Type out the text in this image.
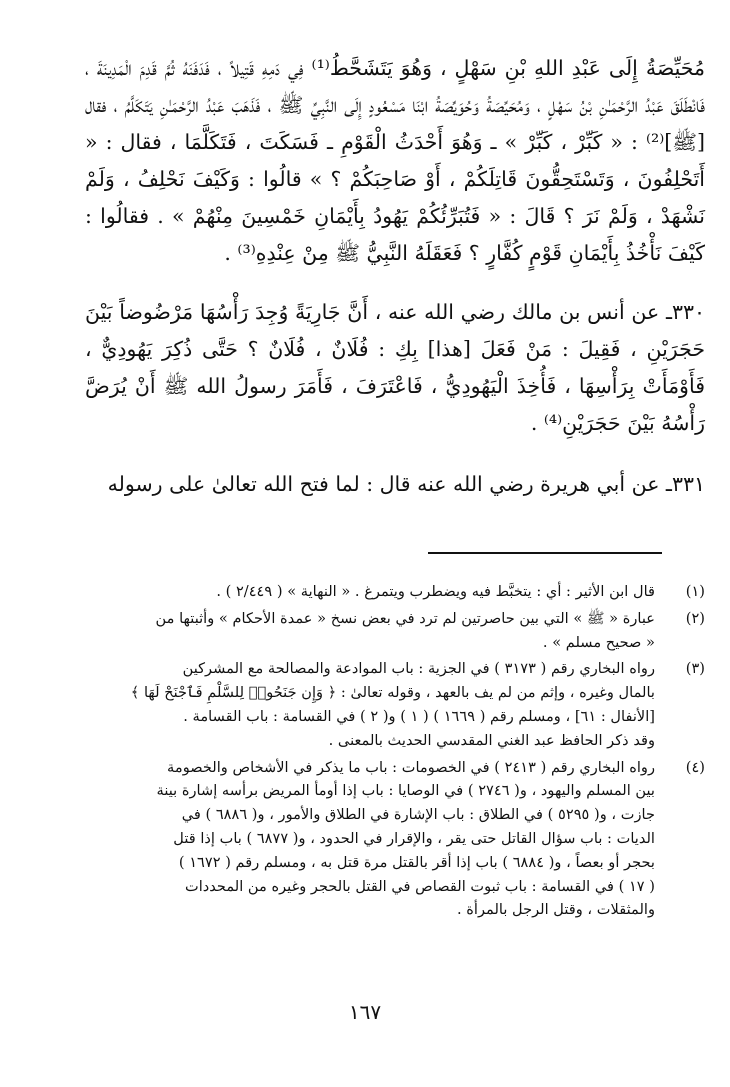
مُحَيِّصَةُ إِلَى عَبْدِ اللهِ بْنِ سَهْلٍ ، وَهُوَ يَتَشَحَّطُ⁽¹⁾ فِي دَمِهِ قَتِيلاً ، فَدَفَنَهُ ثُمَّ قَدِمَ الْمَدِينَةَ ، فَانْطَلَقَ عَبْدُ الرَّحْمَـٰنِ بْنُ سَهْلٍ ، وَمُحَيِّصَةُ وَحُوَيِّصَةُ ابْنَا مَسْعُودٍ إِلَى النَّبِيِّ ﷺ ، فَذَهَبَ عَبْدُ الرَّحْمَـٰنِ يَتَكَلَّمُ ، فقال [ﷺ]⁽²⁾ : « كَبِّرْ ، كَبِّرْ » ـ وَهُوَ أَحْدَثُ الْقَوْمِ ـ فَسَكَتَ ، فَتَكَلَّمَا ، فقال : « أَتَحْلِفُونَ ، وَتَسْتَحِقُّونَ قَاتِلَكُمْ ، أَوْ صَاحِبَكُمْ ؟ » قالُوا : وَكَيْفَ نَحْلِفُ ، وَلَمْ نَشْهَدْ ، وَلَمْ نَرَ ؟ قَالَ : « فَتُبَرِّئُكُمْ يَهُودُ بِأَيْمَانِ خَمْسِينَ مِنْهُمْ » . فقالُوا : كَيْفَ نَأْخُذُ بِأَيْمَانِ قَوْمٍ كُفَّارٍ ؟ فَعَقَلَهُ النَّبِيُّ ﷺ مِنْ عِنْدِهِ⁽³⁾ .

٣٣٠ـ عن أنس بن مالك رضي الله عنه ، أَنَّ جَارِيَةً وُجِدَ رَأْسُهَا مَرْضُوضاً بَيْنَ حَجَرَيْنِ ، فَقِيلَ : مَنْ فَعَلَ [هذا] بِكِ : فُلَانٌ ، فُلَانٌ ؟ حَتَّى ذُكِرَ يَهُودِيٌّ ، فَأَوْمَأَتْ بِرَأْسِهَا ، فَأُخِذَ الْيَهُودِيُّ ، فَاعْتَرَفَ ، فَأَمَرَ رسولُ الله ﷺ أَنْ يُرَضَّ رَأْسُهُ بَيْنَ حَجَرَيْنِ⁽⁴⁾ .

٣٣١ـ عن أبي هريرة رضي الله عنه قال : لما فتح الله تعالىٰ على رسوله

(١)
قال ابن الأثير : أي : يتخبَّط فيه ويضطرب ويتمرغ . « النهاية » ( ٢/٤٤٩ ) .
(٢)
عبارة « ﷺ » التي بين حاصرتين لم ترد في بعض نسخ « عمدة الأحكام » وأثبتها من
« صحيح مسلم » .
(٣)
رواه البخاري رقم ( ٣١٧٣ ) في الجزية : باب الموادعة والمصالحة مع المشركين
بالمال وغيره ، وإثم من لم يف بالعهد ، وقوله تعالىٰ : ﴿ وَإِن جَنَحُوا۟ لِلسَّلْمِ فَٱجْنَحْ لَهَا ﴾
[الأنفال : ٦١] ، ومسلم رقم ( ١٦٦٩ ) ( ١ ) و( ٢ ) في القسامة : باب القسامة .
وقد ذكر الحافظ عبد الغني المقدسي الحديث بالمعنى .
(٤)
رواه البخاري رقم ( ٢٤١٣ ) في الخصومات : باب ما يذكر في الأشخاص والخصومة
بين المسلم واليهود ، و( ٢٧٤٦ ) في الوصايا : باب إذا أومأ المريض برأسه إشارة بينة
جازت ، و( ٥٢٩٥ ) في الطلاق : باب الإشارة في الطلاق والأمور ، و( ٦٨٨٦ ) في
الديات : باب سؤال القاتل حتى يقر ، والإقرار في الحدود ، و( ٦٨٧٧ ) باب إذا قتل
بحجر أو بعصاً ، و( ٦٨٨٤ ) باب إذا أقر بالقتل مرة قتل به ، ومسلم رقم ( ١٦٧٢ )
( ١٧ ) في القسامة : باب ثبوت القصاص في القتل بالحجر وغيره من المحددات
والمثقلات ، وقتل الرجل بالمرأة .
١٦٧
